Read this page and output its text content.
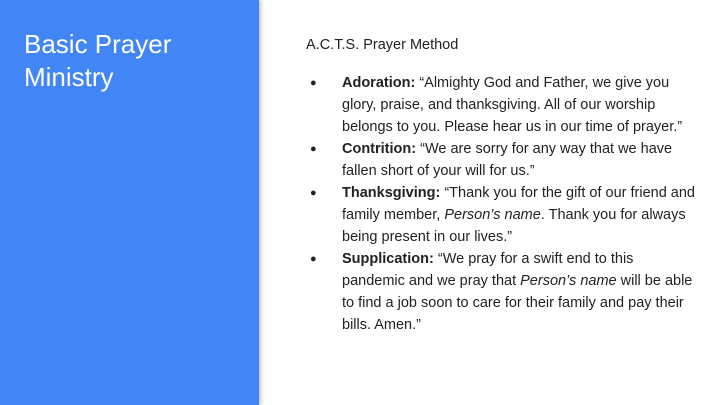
Basic Prayer Ministry

A.C.T.S. Prayer Method

● Adoration: “Almighty God and Father, we give you glory, praise, and thanksgiving. All of our worship belongs to you. Please hear us in our time of prayer.”
● Contrition: “We are sorry for any way that we have fallen short of your will for us.”
● Thanksgiving: “Thank you for the gift of our friend and family member, Person’s name. Thank you for always being present in our lives.”
● Supplication: “We pray for a swift end to this pandemic and we pray that Person’s name will be able to find a job soon to care for their family and pay their bills. Amen.”
